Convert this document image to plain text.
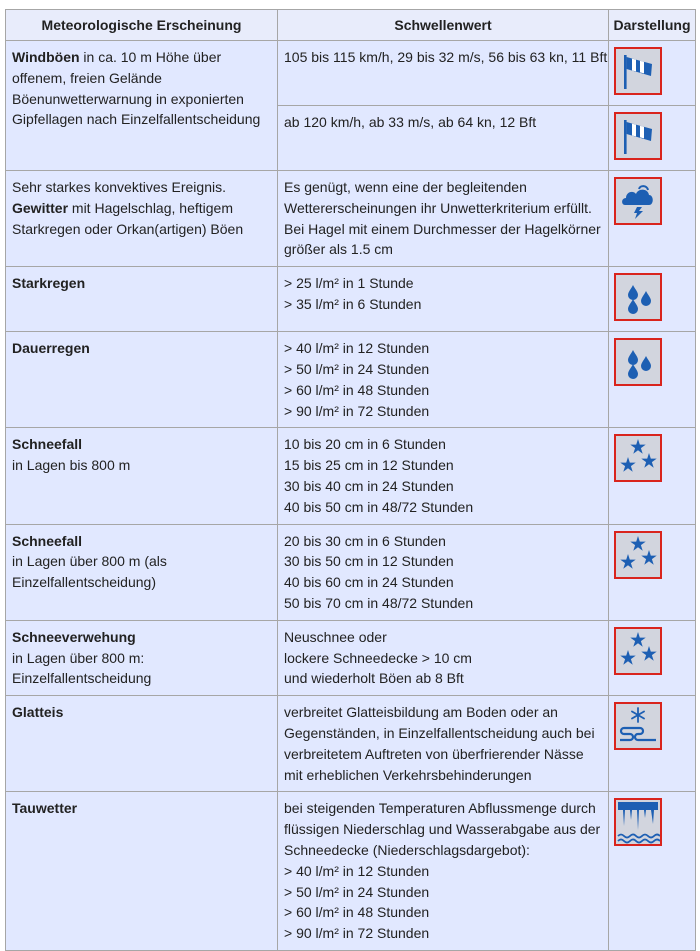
Meteorologische Erscheinung	Schwellenwert	Darstellung
Windböen in ca. 10 m Höhe über offenem, freien Gelände Böenunwetterwarnung in exponierten Gipfellagen nach Einzelfallentscheidung	105 bis 115 km/h, 29 bis 32 m/s, 56 bis 63 kn, 11 Bft

	ab 120 km/h, ab 33 m/s, ab 64 kn, 12 Bft

Sehr starkes konvektives Ereignis. Gewitter mit Hagelschlag, heftigem Starkregen oder Orkan(artigen) Böen	Es genügt, wenn eine der begleitenden Wettererscheinungen ihr Unwetterkriterium erfüllt. Bei Hagel mit einem Durchmesser der Hagelkörner größer als 1.5 cm

Starkregen	> 25 l/m² in 1 Stunde
> 35 l/m² in 6 Stunden

Dauerregen	> 40 l/m² in 12 Stunden
> 50 l/m² in 24 Stunden
> 60 l/m² in 48 Stunden
> 90 l/m² in 72 Stunden

Schneefall
in Lagen bis 800 m	10 bis 20 cm in 6 Stunden
15 bis 25 cm in 12 Stunden
30 bis 40 cm in 24 Stunden
40 bis 50 cm in 48/72 Stunden

Schneefall
in Lagen über 800 m (als Einzelfallentscheidung)	20 bis 30 cm in 6 Stunden
30 bis 50 cm in 12 Stunden
40 bis 60 cm in 24 Stunden
50 bis 70 cm in 48/72 Stunden

Schneeverwehung
in Lagen über 800 m: Einzelfallentscheidung	Neuschnee oder
lockere Schneedecke > 10 cm
und wiederholt Böen ab 8 Bft

Glatteis	verbreitet Glatteisbildung am Boden oder an Gegenständen, in Einzelfallentscheidung auch bei verbreitetem Auftreten von überfrierender Nässe mit erheblichen Verkehrsbehinderungen

Tauwetter	bei steigenden Temperaturen Abflussmenge durch flüssigen Niederschlag und Wasserabgabe aus der Schneedecke (Niederschlagsdargebot):
> 40 l/m² in 12 Stunden
> 50 l/m² in 24 Stunden
> 60 l/m² in 48 Stunden
> 90 l/m² in 72 Stunden
